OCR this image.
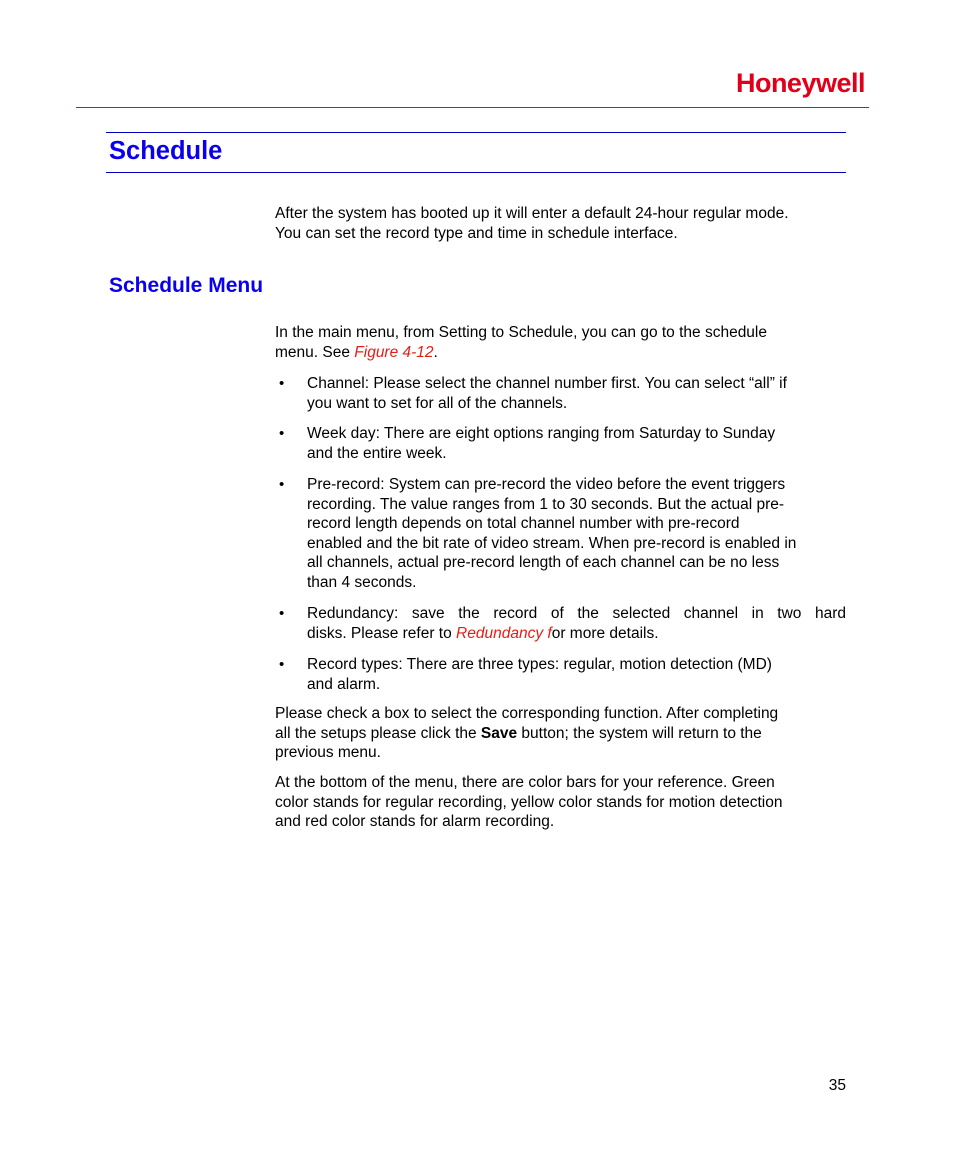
Honeywell
Schedule
After the system has booted up it will enter a default 24-hour regular mode.
You can set the record type and time in schedule interface.
Schedule Menu
In the main menu, from Setting to Schedule, you can go to the schedule
menu. See Figure 4-12.
• Channel: Please select the channel number first. You can select “all” if
you want to set for all of the channels.
• Week day: There are eight options ranging from Saturday to Sunday
and the entire week.
• Pre-record: System can pre-record the video before the event triggers
recording. The value ranges from 1 to 30 seconds. But the actual pre-
record length depends on total channel number with pre-record
enabled and the bit rate of video stream. When pre-record is enabled in
all channels, actual pre-record length of each channel can be no less
than 4 seconds.
• Redundancy: save the record of the selected channel in two hard
disks. Please refer to Redundancy for more details.
• Record types: There are three types: regular, motion detection (MD)
and alarm.
Please check a box to select the corresponding function. After completing
all the setups please click the Save button; the system will return to the
previous menu.
At the bottom of the menu, there are color bars for your reference. Green
color stands for regular recording, yellow color stands for motion detection
and red color stands for alarm recording.
35
